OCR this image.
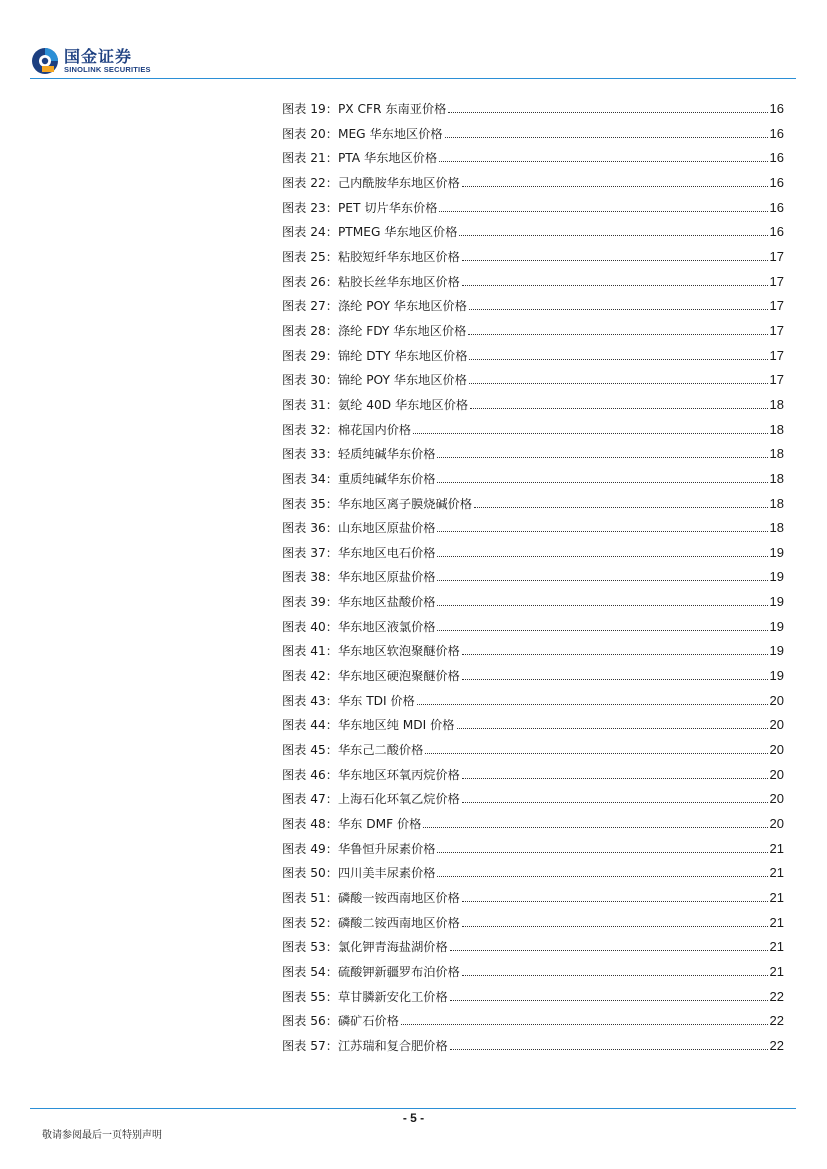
国金证券
SINOLINK SECURITIES
图表 19：PX CFR 东南亚价格	16
图表 20：MEG 华东地区价格	16
图表 21：PTA 华东地区价格	16
图表 22：己内酰胺华东地区价格	16
图表 23：PET 切片华东价格	16
图表 24：PTMEG 华东地区价格	16
图表 25：粘胶短纤华东地区价格	17
图表 26：粘胶长丝华东地区价格	17
图表 27：涤纶 POY 华东地区价格	17
图表 28：涤纶 FDY 华东地区价格	17
图表 29：锦纶 DTY 华东地区价格	17
图表 30：锦纶 POY 华东地区价格	17
图表 31：氨纶 40D 华东地区价格	18
图表 32：棉花国内价格	18
图表 33：轻质纯碱华东价格	18
图表 34：重质纯碱华东价格	18
图表 35：华东地区离子膜烧碱价格	18
图表 36：山东地区原盐价格	18
图表 37：华东地区电石价格	19
图表 38：华东地区原盐价格	19
图表 39：华东地区盐酸价格	19
图表 40：华东地区液氯价格	19
图表 41：华东地区软泡聚醚价格	19
图表 42：华东地区硬泡聚醚价格	19
图表 43：华东 TDI 价格	20
图表 44：华东地区纯 MDI 价格	20
图表 45：华东己二酸价格	20
图表 46：华东地区环氧丙烷价格	20
图表 47：上海石化环氧乙烷价格	20
图表 48：华东 DMF 价格	20
图表 49：华鲁恒升尿素价格	21
图表 50：四川美丰尿素价格	21
图表 51：磷酸一铵西南地区价格	21
图表 52：磷酸二铵西南地区价格	21
图表 53：氯化钾青海盐湖价格	21
图表 54：硫酸钾新疆罗布泊价格	21
图表 55：草甘膦新安化工价格	22
图表 56：磷矿石价格	22
图表 57：江苏瑞和复合肥价格	22
- 5 -
敬请参阅最后一页特别声明
